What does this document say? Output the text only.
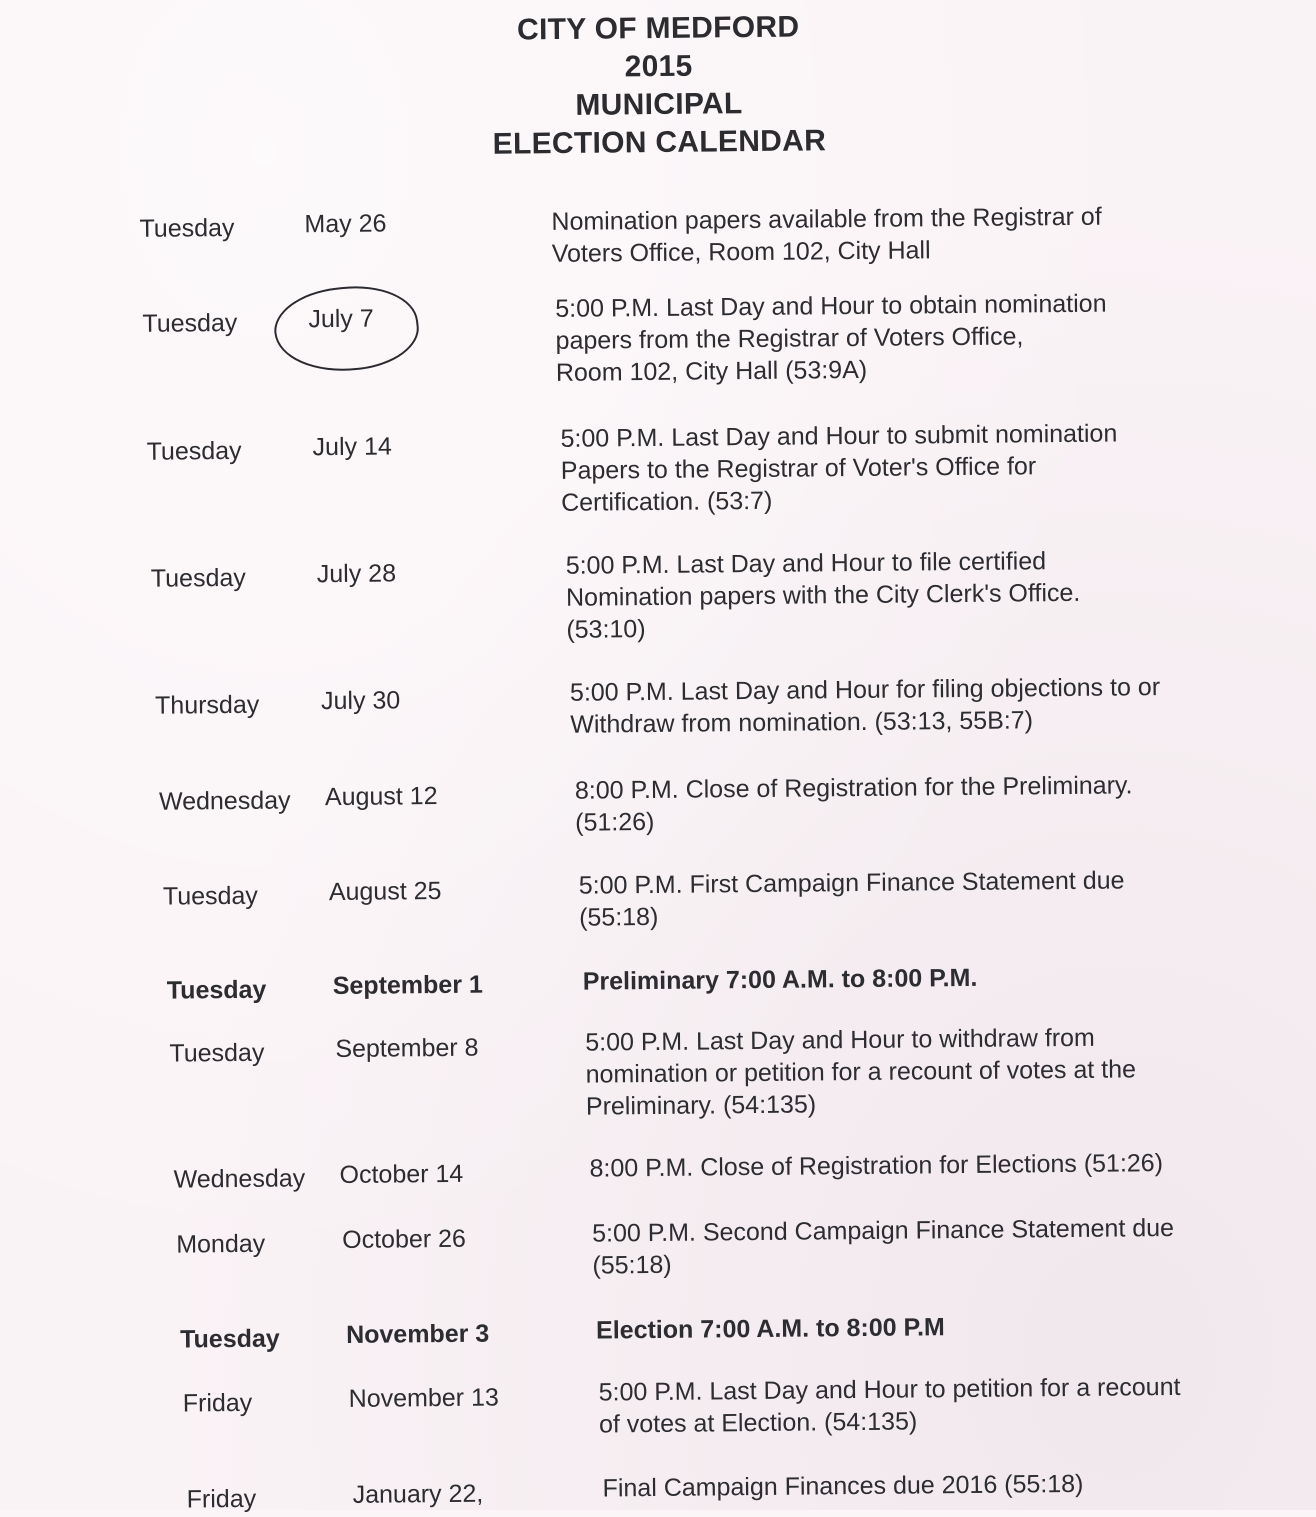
CITY OF MEDFORD
2015
MUNICIPAL
ELECTION CALENDAR
Tuesday	May 26	Nomination papers available from the Registrar of
Voters Office, Room 102, City Hall
Tuesday	July 7	5:00 P.M. Last Day and Hour to obtain nomination
papers from the Registrar of Voters Office,
Room 102, City Hall (53:9A)
Tuesday	July 14	5:00 P.M. Last Day and Hour to submit nomination
Papers to the Registrar of Voter's Office for
Certification. (53:7)
Tuesday	July 28	5:00 P.M. Last Day and Hour to file certified
Nomination papers with the City Clerk's Office.
(53:10)
Thursday July 30	5:00 P.M. Last Day and Hour for filing objections to or
Withdraw from nomination. (53:13, 55B:7)
Wednesday August 12	8:00 P.M. Close of Registration for the Preliminary.
(51:26)
Tuesday	August 25	5:00 P.M. First Campaign Finance Statement due
(55:18)
Tuesday	September 1	Preliminary 7:00 A.M. to 8:00 P.M.
Tuesday	September 8	5:00 P.M. Last Day and Hour to withdraw from
nomination or petition for a recount of votes at the
Preliminary. (54:135)
Wednesday October 14	8:00 P.M. Close of Registration for Elections (51:26)
Monday	October 26	5:00 P.M. Second Campaign Finance Statement due
(55:18)
Tuesday	November 3	Election 7:00 A.M. to 8:00 P.M
Friday	November 13	5:00 P.M. Last Day and Hour to petition for a recount
of votes at Election. (54:135)
Friday	January 22,	Final Campaign Finances due 2016 (55:18)
